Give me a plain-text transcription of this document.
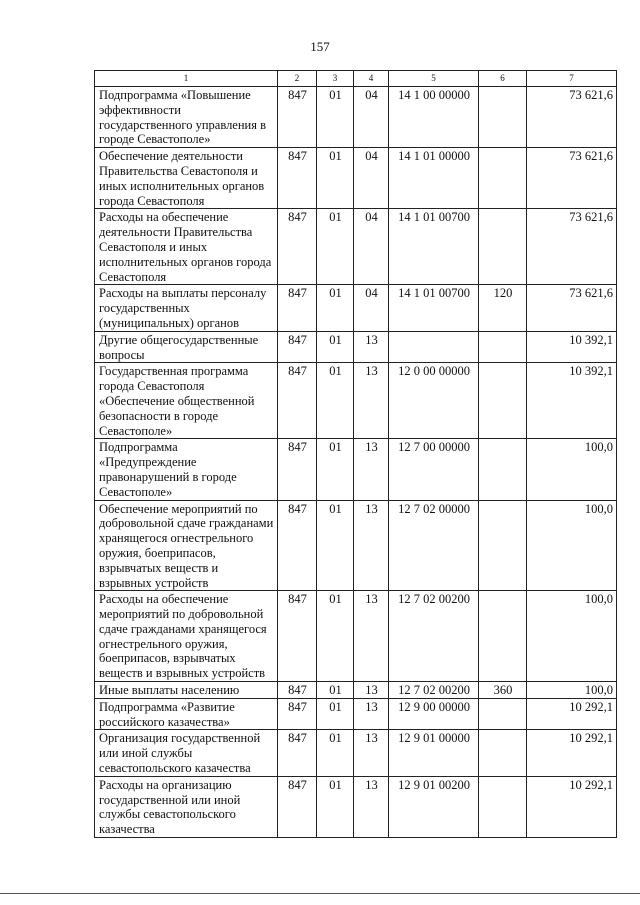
157
1	2	3	4	5	6	7
Подпрограмма «Повышение эффективности государственного управления в городе Севастополе»	847	01	04	14 1 00 00000		73 621,6
Обеспечение деятельности Правительства Севастополя и иных исполнительных органов города Севастополя	847	01	04	14 1 01 00000		73 621,6
Расходы на обеспечение деятельности Правительства Севастополя и иных исполнительных органов города Севастополя	847	01	04	14 1 01 00700		73 621,6
Расходы на выплаты персоналу государственных (муниципальных) органов	847	01	04	14 1 01 00700	120	73 621,6
Другие общегосударственные вопросы	847	01	13			10 392,1
Государственная программа города Севастополя «Обеспечение общественной безопасности в городе Севастополе»	847	01	13	12 0 00 00000		10 392,1
Подпрограмма «Предупреждение правонарушений в городе Севастополе»	847	01	13	12 7 00 00000		100,0
Обеспечение мероприятий по добровольной сдаче гражданами хранящегося огнестрельного оружия, боеприпасов, взрывчатых веществ и взрывных устройств	847	01	13	12 7 02 00000		100,0
Расходы на обеспечение мероприятий по добровольной сдаче гражданами хранящегося огнестрельного оружия, боеприпасов, взрывчатых веществ и взрывных устройств	847	01	13	12 7 02 00200		100,0
Иные выплаты населению	847	01	13	12 7 02 00200	360	100,0
Подпрограмма «Развитие российского казачества»	847	01	13	12 9 00 00000		10 292,1
Организация государственной или иной службы севастопольского казачества	847	01	13	12 9 01 00000		10 292,1
Расходы на организацию государственной или иной службы севастопольского казачества	847	01	13	12 9 01 00200		10 292,1
